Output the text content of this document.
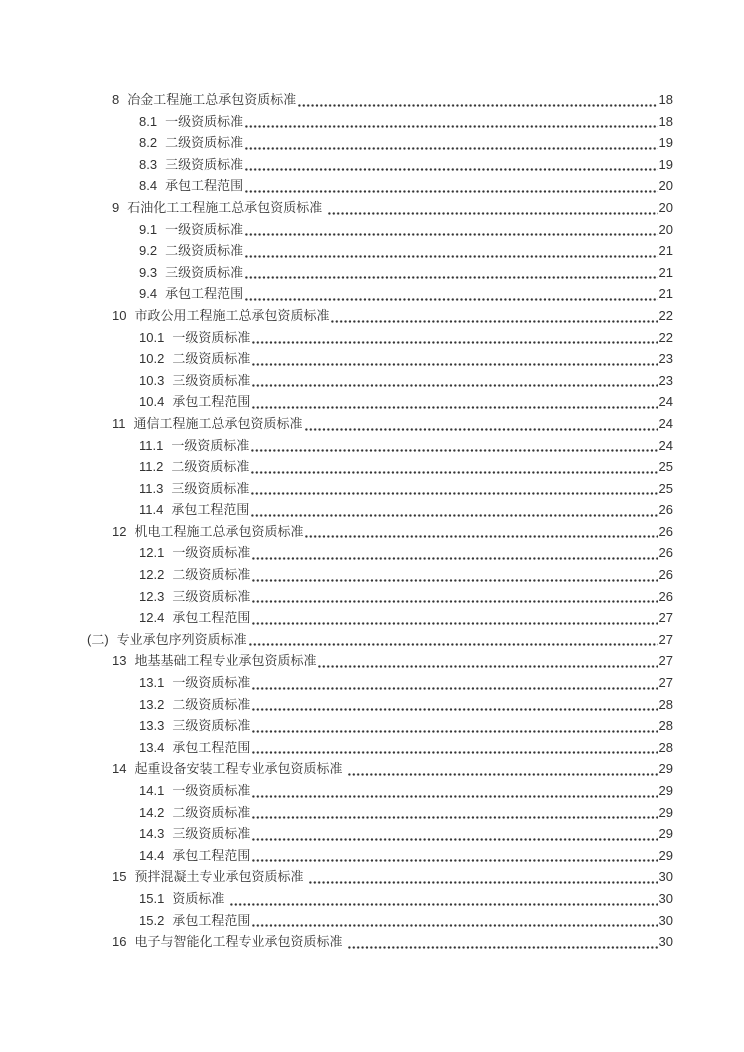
8 冶金工程施工总承包资质标准	18
8.1 一级资质标准	18
8.2 二级资质标准	19
8.3 三级资质标准	19
8.4 承包工程范围	20
9 石油化工工程施工总承包资质标准	20
9.1 一级资质标准	20
9.2 二级资质标准	21
9.3 三级资质标准	21
9.4 承包工程范围	21
10 市政公用工程施工总承包资质标准	22
10.1 一级资质标准	22
10.2 二级资质标准	23
10.3 三级资质标准	23
10.4 承包工程范围	24
11 通信工程施工总承包资质标准	24
11.1 一级资质标准	24
11.2 二级资质标准	25
11.3 三级资质标准	25
11.4 承包工程范围	26
12 机电工程施工总承包资质标准	26
12.1 一级资质标准	26
12.2 二级资质标准	26
12.3 三级资质标准	26
12.4 承包工程范围	27
(二) 专业承包序列资质标准	27
13 地基基础工程专业承包资质标准	27
13.1 一级资质标准	27
13.2 二级资质标准	28
13.3 三级资质标准	28
13.4 承包工程范围	28
14 起重设备安装工程专业承包资质标准	29
14.1 一级资质标准	29
14.2 二级资质标准	29
14.3 三级资质标准	29
14.4 承包工程范围	29
15 预拌混凝土专业承包资质标准	30
15.1 资质标准	30
15.2 承包工程范围	30
16 电子与智能化工程专业承包资质标准	30
